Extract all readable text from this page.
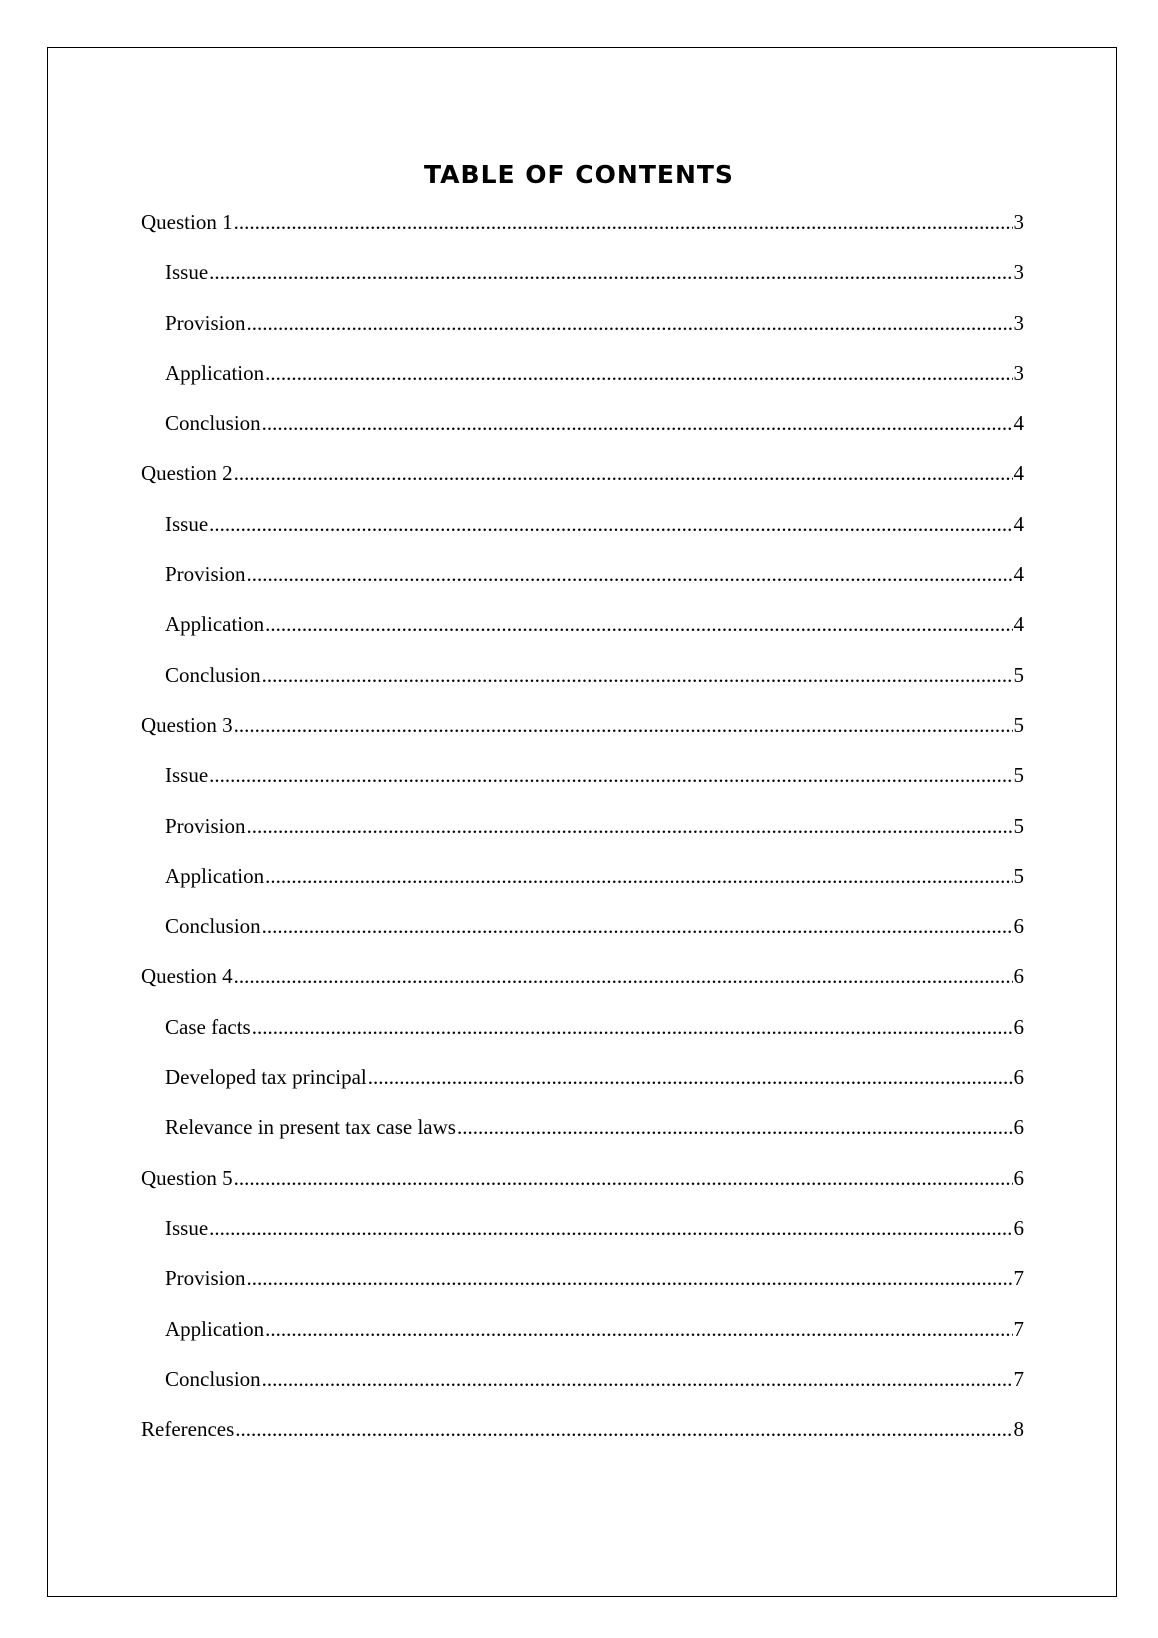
TABLE OF CONTENTS
Question 1 .....	3
Issue .....	3
Provision .....	3
Application .....	3
Conclusion .....	4
Question 2 .....	4
Issue .....	4
Provision .....	4
Application .....	4
Conclusion .....	5
Question 3 .....	5
Issue .....	5
Provision .....	5
Application .....	5
Conclusion .....	6
Question 4 .....	6
Case facts .....	6
Developed tax principal .....	6
Relevance in present tax case laws .....	6
Question 5 .....	6
Issue .....	6
Provision .....	7
Application .....	7
Conclusion .....	7
References .....	8
